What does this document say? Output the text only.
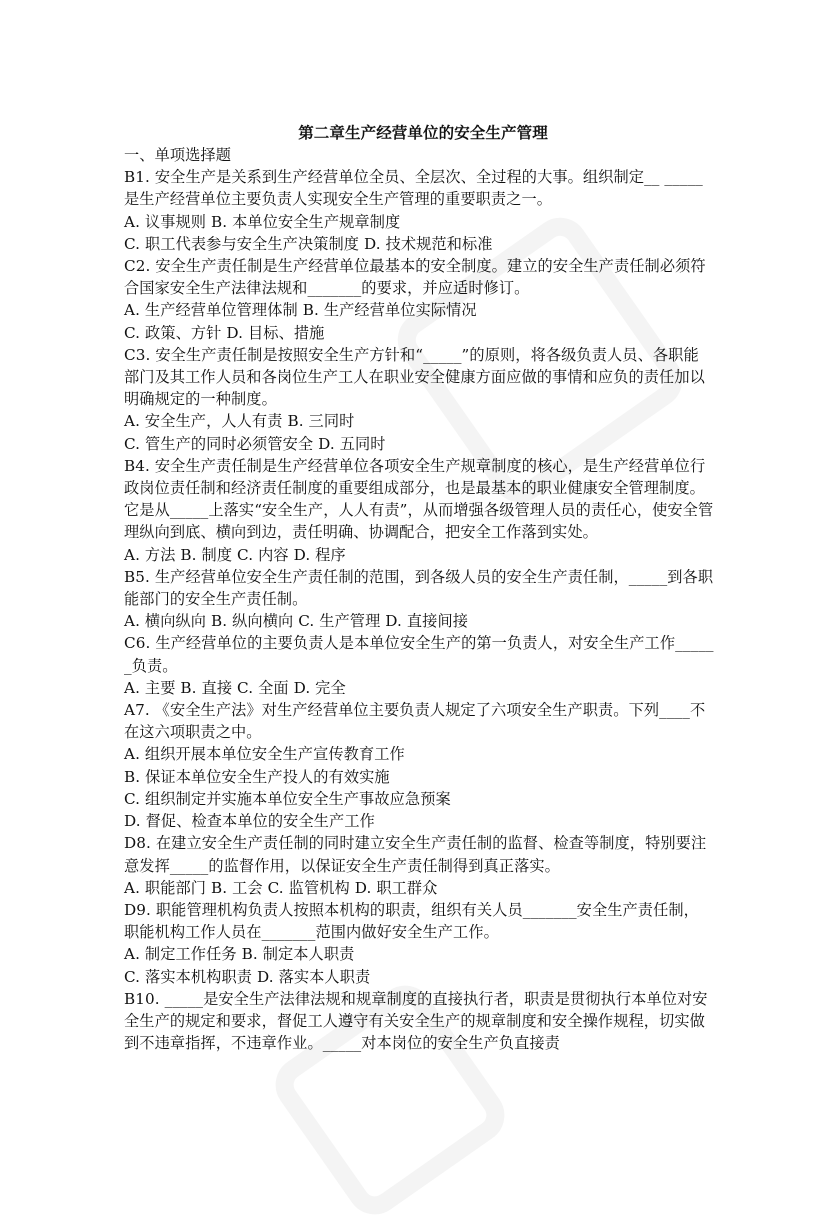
第二章生产经营单位的安全生产管理
一、单项选择题
B1. 安全生产是关系到生产经营单位全员、全层次、全过程的大事。组织制定__ _____是生产经营单位主要负责人实现安全生产管理的重要职责之一。
A. 议事规则 B. 本单位安全生产规章制度
C. 职工代表参与安全生产决策制度 D. 技术规范和标准
C2. 安全生产责任制是生产经营单位最基本的安全制度。建立的安全生产责任制必须符合国家安全生产法律法规和_______的要求，并应适时修订。
A. 生产经营单位管理体制 B. 生产经营单位实际情况
C. 政策、方针 D. 目标、措施
C3. 安全生产责任制是按照安全生产方针和“_____”的原则，将各级负责人员、各职能部门及其工作人员和各岗位生产工人在职业安全健康方面应做的事情和应负的责任加以明确规定的一种制度。
A. 安全生产，人人有责 B. 三同时
C. 管生产的同时必须管安全 D. 五同时
B4. 安全生产责任制是生产经营单位各项安全生产规章制度的核心，是生产经营单位行政岗位责任制和经济责任制度的重要组成部分，也是最基本的职业健康安全管理制度。它是从_____上落实“安全生产，人人有责”，从而增强各级管理人员的责任心，使安全管理纵向到底、横向到边，责任明确、协调配合，把安全工作落到实处。
A. 方法 B. 制度 C. 内容 D. 程序
B5. 生产经营单位安全生产责任制的范围，到各级人员的安全生产责任制，_____到各职能部门的安全生产责任制。
A. 横向纵向 B. 纵向横向 C. 生产管理 D. 直接间接
C6. 生产经营单位的主要负责人是本单位安全生产的第一负责人，对安全生产工作______负责。
A. 主要 B. 直接 C. 全面 D. 完全
A7. 《安全生产法》对生产经营单位主要负责人规定了六项安全生产职责。下列____不在这六项职责之中。
A. 组织开展本单位安全生产宣传教育工作
B. 保证本单位安全生产投人的有效实施
C. 组织制定并实施本单位安全生产事故应急预案
D. 督促、检查本单位的安全生产工作
D8. 在建立安全生产责任制的同时建立安全生产责任制的监督、检查等制度，特别要注意发挥_____的监督作用，以保证安全生产责任制得到真正落实。
A. 职能部门 B. 工会 C. 监管机构 D. 职工群众
D9. 职能管理机构负责人按照本机构的职责，组织有关人员_______安全生产责任制，职能机构工作人员在_______范围内做好安全生产工作。
A. 制定工作任务 B. 制定本人职责
C. 落实本机构职责 D. 落实本人职责
B10. _____是安全生产法律法规和规章制度的直接执行者，职责是贯彻执行本单位对安全生产的规定和要求，督促工人遵守有关安全生产的规章制度和安全操作规程，切实做到不违章指挥，不违章作业。_____对本岗位的安全生产负直接责
